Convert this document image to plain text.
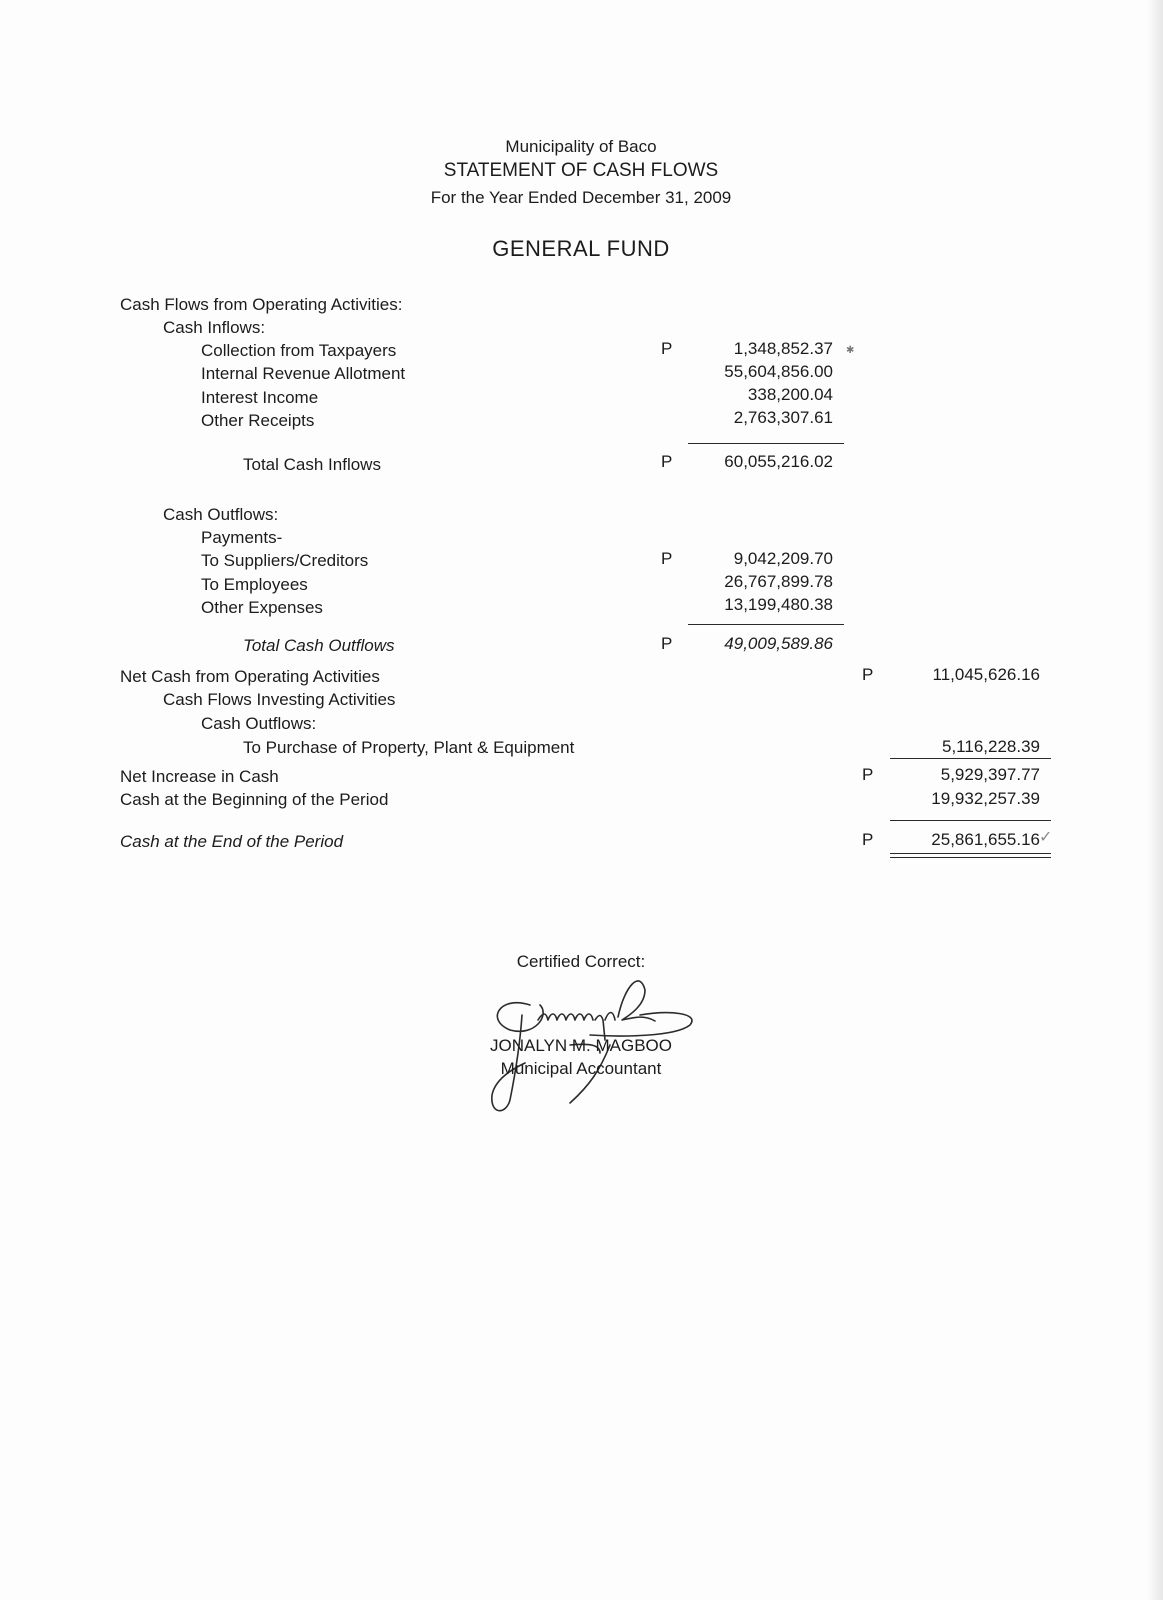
Municipality of Baco
STATEMENT OF CASH FLOWS
For the Year Ended December 31, 2009
GENERAL FUND
Cash Flows from Operating Activities:
Cash Inflows:
Collection from Taxpayers	P	1,348,852.37 ✱
Internal Revenue Allotment	55,604,856.00
Interest Income	338,200.04
Other Receipts	2,763,307.61
Total Cash Inflows	P	60,055,216.02
Cash Outflows:
Payments-
To Suppliers/Creditors	P	9,042,209.70
To Employees	26,767,899.78
Other Expenses	13,199,480.38
Total Cash Outflows	P	49,009,589.86
Net Cash from Operating Activities	P	11,045,626.16
Cash Flows Investing Activities
Cash Outflows:
To Purchase of Property, Plant & Equipment	5,116,228.39
Net Increase in Cash	P	5,929,397.77
Cash at the Beginning of the Period	19,932,257.39
Cash at the End of the Period	P	25,861,655.16 ✓
Certified Correct:
JONALYN M. MAGBOO
Municipal Accountant
